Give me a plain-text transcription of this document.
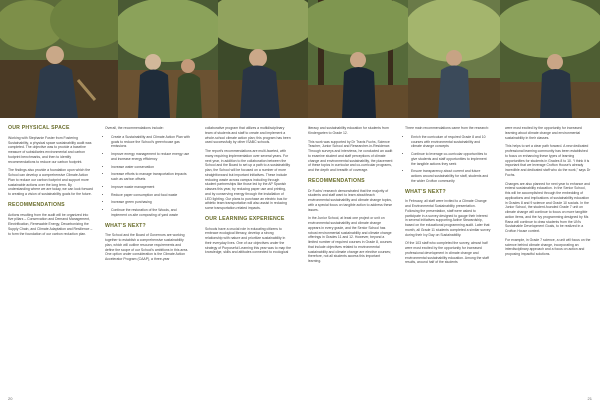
OUR PHYSICAL SPACE

Working with Stephanie Foster from Fostering Sustainability, a physical space sustainability audit was completed. The objective was to provide a baseline measure of subsidiaries environmental and carbon footprint benchmarks, and then to identify recommendations to reduce our carbon footprint.

The findings also provide a foundation upon which the School can develop a comprehensive Climate Action Plan to reduce our carbon footprint and support more sustainable actions over the long term. By understanding where we are today, we can look forward to creating a vision of sustainability goals for the future.

RECOMMENDATIONS

Actions resulting from the audit will be organized into five pillars – Conservation and Demand Management, Electrification, Renewable Energy, Decarbonizing the Supply Chain, and Climate Adaptation and Resilience – to form the foundation of our carbon reduction plan.

Overall, the recommendations include:

• Create a Sustainability and Climate Action Plan with goals to reduce the School’s greenhouse gas emissions
• Improve energy management to reduce energy use and increase energy efficiency
• Increase water conservation
• Increase efforts to manage transportation impacts such as carbon offsets
• Improve waste management
• Reduce paper consumption and food waste
• Increase green purchasing
• Continue the restoration of the Woods, and implement on-site composting of yard waste
WHAT’S NEXT?

The School and the Board of Governors are working together to establish a comprehensive sustainability plan, which will outline resource requirements and define the scope of our School’s ambitions in this area. One option under consideration is the Climate Action Accelerator Program (CAAP), a three-year

collaborative program that utilizes a multidisciplinary team of students and staff to create and implement a whole-school climate action plan; this program has been used successfully by other ISABC schools.

The report’s recommendations are multi-faceted, with many requiring implementation over several years. For next year, in addition to the collaboration between the School and the Board to set up a path to a sustainability plan, the School will be focused on a number of more straightforward but important initiatives. These include reducing waste across campus including through student partnerships like those led by the AP Spanish classes this year, by reducing paper use and printing, and by conserving energy through the installation of LED lighting. Our plans to purchase an electric bus for athletic team transportation will also assist in reducing some transportation-related impacts.

OUR LEARNING EXPERIENCE

Schools have a crucial role in educating citizens to embrace ecological literacy, develop a strong relationship with nature and prioritize sustainability in their everyday lives. One of our objectives under the strategy of Purposeful Learning this year was to map the knowledge, skills and attitudes connected to ecological

literacy and sustainability education for students from Kindergarten to Grade 12.

This work was supported by Dr Travis Fuchs, Science Teacher, Junior School and Researcher-in-Residence. Through surveys and interviews, he conducted an audit to examine student and staff perceptions of climate change and environmental sustainability, the placement of these topics in curricular and co-curricular programs, and the depth and breadth of coverage.

RECOMMENDATIONS

Dr Fuchs’ research demonstrated that the majority of students and staff want to learn about/teach environmental sustainability and climate change topics, with a special focus on tangible action to address these issues.

In the Junior School, at least one project or unit on environmental sustainability and climate change appears in every grade, and the Senior School has robust environmental sustainability and climate change offerings in Grades 11 and 12. However, beyond a limited number of required courses in Grade 8, courses that include objectives related to environmental sustainability and climate change are elective courses; therefore, not all students access this important learning.

Three main recommendations came from the research:

• Enrich the curriculum of required Grade 8 and 10 courses with environmental sustainability and climate change concepts
• Continue to leverage co-curricular opportunities to give students and staff opportunities to implement the tangible actions they seek
• Ensure transparency about current and future actions around sustainability for staff, students and the wider Crofton community
WHAT’S NEXT?

In February, all staff were invited to a Climate Change and Environmental Sustainability presentation. Following the presentation, staff were asked to participate in a survey designed to gauge their interest in several initiatives supporting Active Stewardship, based on the educational programming audit. Later that month, all Grade 11 students completed a similar survey during their Ivy Day on Sustainability.

Of the 103 staff who completed the survey, almost half were most excited by the opportunity for increased professional development in climate change and environmental sustainability education. Among the staff results, around half of the students

were most excited by the opportunity for increased learning about climate change and environmental sustainability in their classes.

This helps to set a clear path forward. A new dedicated professional learning community has been established to focus on enhancing these types of learning opportunities for students in Grades 8 to 10. “I think it is important that we leverage Crofton House’s already incredible and dedicated staff who do the work,” says Dr Fuchs.

Changes are also planned for next year to enhance and extend sustainability education. In the Senior School, this will be accomplished through the embedding of applications and implications of sustainability education in Grades 8 and 9 science and Grade 10 socials. In the Junior School, the student-founded Grade 7 unit on climate change will continue to focus on more tangible action items, and the Ivy programming designed by Ms Rana will continue to draw students from the UN’s Sustainable Development Goals, to be realized in a Crofton House context.

For example, in Grade 7 science, a unit will focus on the science behind climate change, incorporating an interdisciplinary approach and a focus on action and proposing impactful solutions.

20	21
